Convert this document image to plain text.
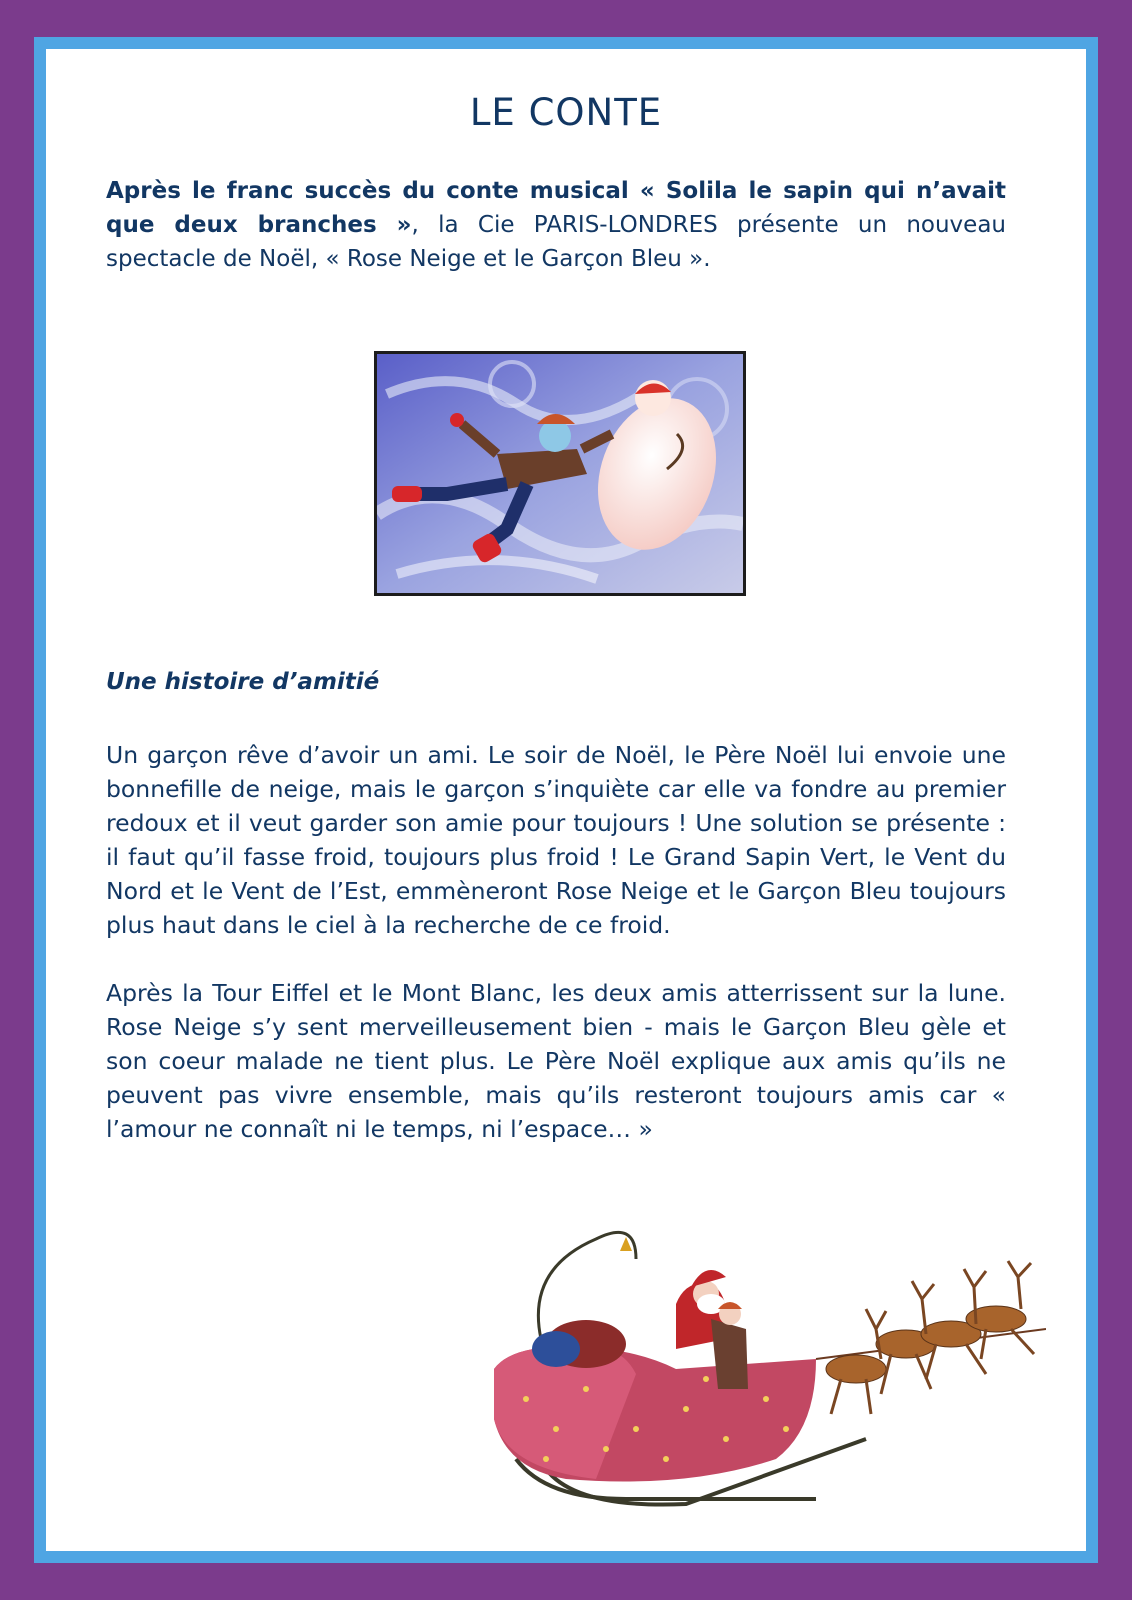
LE CONTE

Après le franc succès du conte musical « Solila le sapin qui n’avait que deux branches », la Cie PARIS-LONDRES présente un nouveau spectacle de Noël, « Rose Neige et le Garçon Bleu ».

Une histoire d’amitié

Un garçon rêve d’avoir un ami. Le soir de Noël, le Père Noël lui envoie une bonnefille de neige, mais le garçon s’inquiète car elle va fondre au premier redoux et il veut garder son amie pour toujours ! Une solution se présente : il faut qu’il fasse froid, toujours plus froid ! Le Grand Sapin Vert, le Vent du Nord et le Vent de l’Est, emmèneront Rose Neige et le Garçon Bleu toujours plus haut dans le ciel à la recherche de ce froid.

Après la Tour Eiffel et le Mont Blanc, les deux amis atterrissent sur la lune. Rose Neige s’y sent merveilleusement bien - mais le Garçon Bleu gèle et son coeur malade ne tient plus. Le Père Noël explique aux amis qu’ils ne peuvent pas vivre ensemble, mais qu’ils resteront toujours amis car « l’amour ne connaît ni le temps, ni l’espace… »
